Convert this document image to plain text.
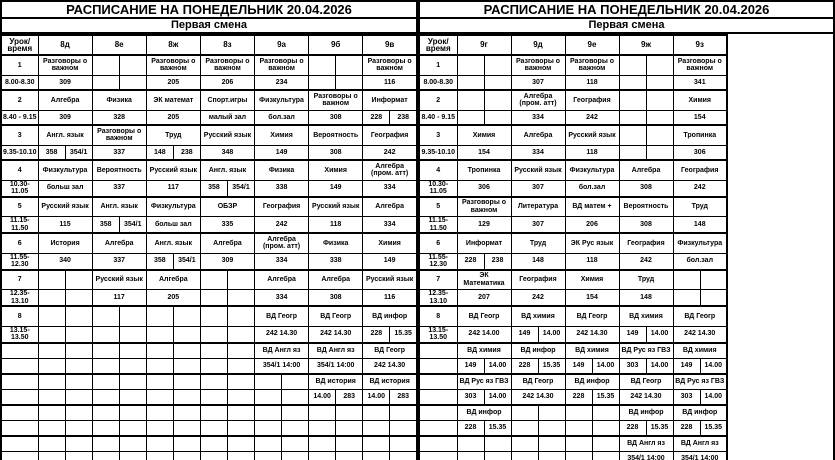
РАСПИСАНИЕ НА ПОНЕДЕЛЬНИК 20.04.2026
Первая смена
Урок/время	8д		8е		8ж		8з		9а		9б		9в	
1	Разговоры о важном				Разговоры о важном		Разговоры о важном		Разговоры о важном				Разговоры о важном	
8.00-8.30	309				205		206		234				116	
2	Алгебра		Физика		ЭК математ		Спорт.игры		Физкультура		Разговоры о важном		Информат	
8.40 - 9.15	309		328		205		малый зал		бол.зал		308		228	238
3	Англ. язык		Разговоры о важном		Труд		Русский язык		Химия		Вероятность		География	
9.35-10.10	358	354/1	337		148	238	348		149		308		242	
4	Физкультура		Вероятность		Русский язык		Англ. язык		Физика		Химия		Алгебра (пром. атт)	
10.30-11.05	больш зал		337		117		358	354/1	338		149		334	
5	Русский язык		Англ. язык		Физкультура		ОБЗР		География		Русский язык		Алгебра	
11.15-11.50	115		358	354/1	больш зал		335		242		118		334	
6	История		Алгебра		Англ. язык		Алгебра		Алгебра (пром. атт)		Физика		Химия	
11.55-12.30	340		337		358	354/1	309		334		338		149	
7			Русский язык		Алгебра				Алгебра		Алгебра		Русский язык	
12.35-13.10			117		205				334		308		116	
8									ВД Геогр		ВД Геогр		ВД инфор	
13.15-13.50									242 14.30		242 14.30		228	15.35
									ВД Англ яз		ВД Англ яз		ВД Геогр	
									354/1 14:00		354/1 14:00		242 14.30	
											ВД история		ВД история	
											14.00	283	14.00	283

РАСПИСАНИЕ НА ПОНЕДЕЛЬНИК 20.04.2026
Первая смена
Урок/время	9г		9д		9е		9ж		9з	
1			Разговоры о важном		Разговоры о важном				Разговоры о важном	
8.00-8.30			307		118				341	
2			Алгебра (пром. атт)		География				Химия	
8.40 - 9.15			334		242				154	
3	Химия		Алгебра		Русский язык				Тропинка	
9.35-10.10	154		334		118				306	
4	Тропинка		Русский язык		Физкультура		Алгебра		География	
10.30-11.05	306		307		бол.зал		308		242	
5	Разговоры о важном		Литература		ВД матем +		Вероятность		Труд	
11.15-11.50	129		307		206		308		148	
6	Информат		Труд		ЭК Рус язык		География		Физкультура	
11.55-12.30	228	238	148		118		242		бол.зал	
7	ЭК Математика		География		Химия		Труд			
12.35-13.10	207		242		154		148			
8	ВД Геогр		ВД химия		ВД Геогр		ВД химия		ВД Геогр	
13.15-13.50	242 14.00		149	14.00	242 14.30		149	14.00	242 14.30	
	ВД химия		ВД инфор		ВД химия		ВД Рус яз ГВЗ		ВД химия	
	149	14.00	228	15.35	149	14.00	303	14.00	149	14.00
	ВД Рус яз ГВЗ		ВД Геогр		ВД инфор		ВД Геогр		ВД Рус яз ГВЗ	
	303	14.00	242 14.30		228	15.35	242 14.30		303	14.00
	ВД инфор						ВД инфор		ВД инфор	
	228	15.35					228	15.35	228	15.35
							ВД Англ яз		ВД Англ яз	
							354/1 14:00		354/1 14:00	
